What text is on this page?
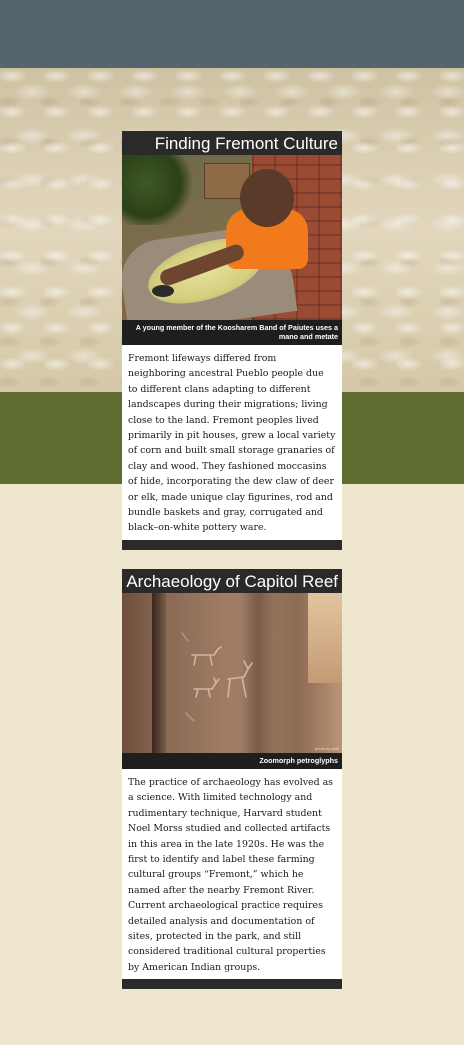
Finding Fremont Culture
A young member of the Koosharem Band of Paiutes uses a mano and metate
Fremont lifeways differed from neighboring ancestral Pueblo people due to different clans adapting to different landscapes during their migrations; living close to the land. Fremont peoples lived primarily in pit houses, grew a local variety of corn and built small storage granaries of clay and wood. They fashioned moccasins of hide, incorporating the dew claw of deer or elk, made unique clay figurines, rod and bundle baskets and gray, corrugated and black–on-white pottery ware.
Archaeology of Capitol Reef
photo by staff
Zoomorph petroglyphs
The practice of archaeology has evolved as a science. With limited technology and rudimentary technique, Harvard student Noel Morss studied and collected artifacts in this area in the late 1920s. He was the first to identify and label these farming cultural groups “Fremont,” which he named after the nearby Fremont River. Current archaeological practice requires detailed analysis and documentation of sites, protected in the park, and still considered traditional cultural properties by American Indian groups.
